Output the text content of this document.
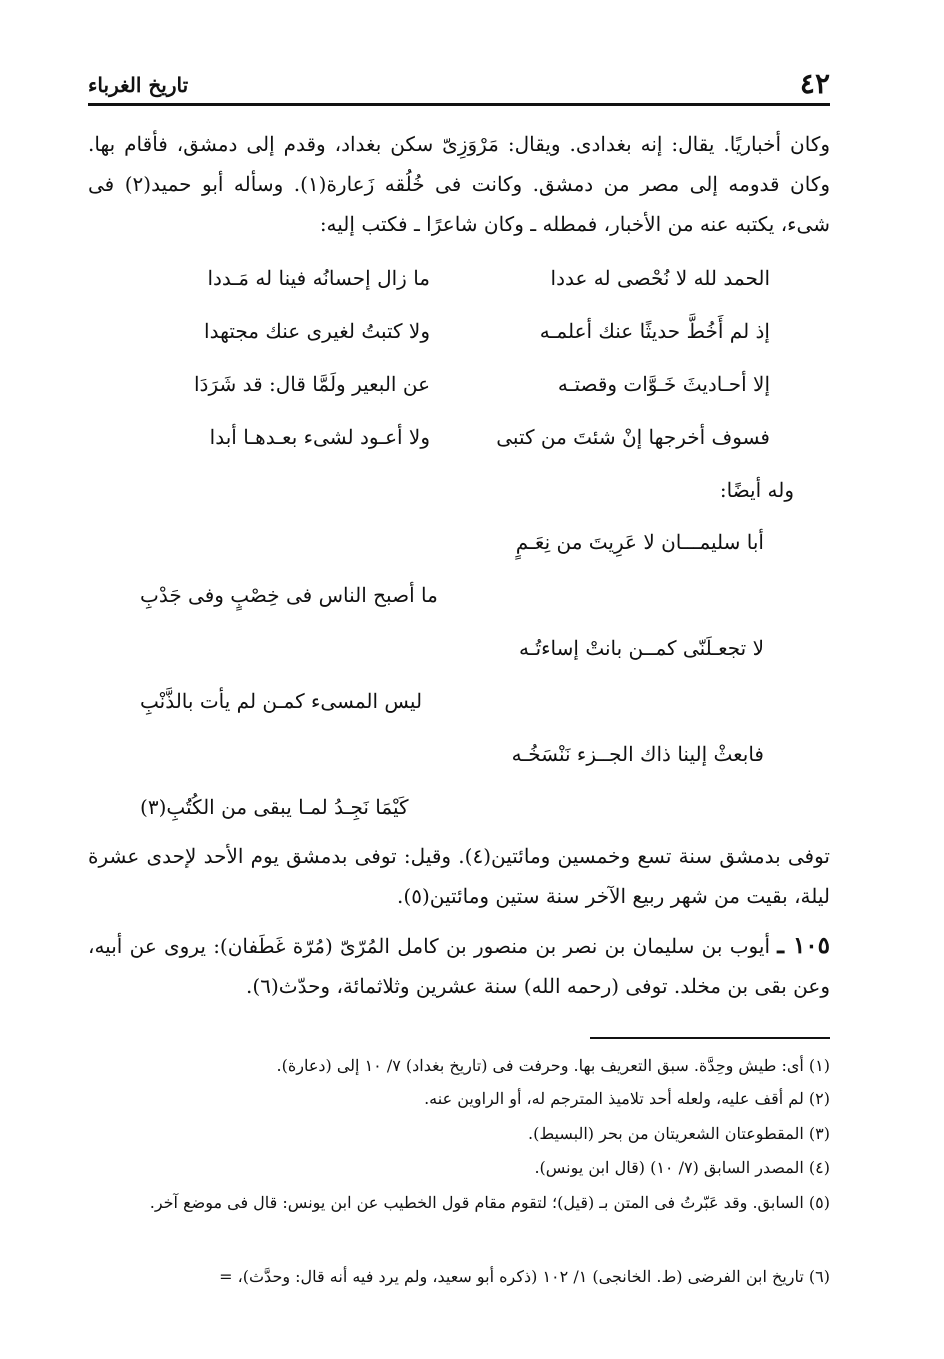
٤٢
تاريخ الغرباء

وكان أخباريًا. يقال: إنه بغدادى. ويقال: مَرْوَزِىّ سكن بغداد، وقدم إلى دمشق، فأقام بها. وكان قدومه إلى مصر من دمشق. وكانت فى خُلُقه زَعارة(١). وسأله أبو حميد(٢) فى شىء، يكتبه عنه من الأخبار، فمطله ـ وكان شاعرًا ـ فكتب إليه:

الحمد لله لا نُحْصى له عددا
ما زال إحسانُه فينا له مَـددا
إذ لم أَخُطَّ حديثًا عنك أعلمـه
ولا كتبتُ لغيرى عنك مجتهدا
إلا أحـاديثَ خَـوَّات وقصتـه
عن البعير ولَمَّا قال: قد شَرَدَا
فسوف أخرجها إنْ شئتَ من كتبى
ولا أعـود لشىء بعـدهـا أبدا
وله أيضًا:
أبا سليمـــان لا عَرِيتَ من نِعَـمٍ
ما أصبح الناس فى خِصْبٍ وفى جَدْبِ
لا تجعـلَنّى كمــن بانتْ إساءتُـه
ليس المسىء كمـن لم يأت بالذَّنْبِ
فابعثْ إلينا ذاك الجــزء نَنْسَخُـه
كَيْمَا نَجِـدُ لمـا يبقى من الكُتُبِ(٣)

توفى بدمشق سنة تسع وخمسين ومائتين(٤). وقيل: توفى بدمشق يوم الأحد لإحدى عشرة ليلة، بقيت من شهر ربيع الآخر سنة ستين ومائتين(٥).

١٠٥ ـ أيوب بن سليمان بن نصر بن منصور بن كامل المُرّىّ (مُرّة غَطَفان): يروى عن أبيه، وعن بقى بن مخلد. توفى (رحمه الله) سنة عشرين وثلاثمائة، وحدّث(٦).

(١) أى: طيش وحِدَّة. سبق التعريف بها. وحرفت فى (تاريخ بغداد) ٧/ ١٠ إلى (دعارة).

(٢) لم أقف عليه، ولعله أحد تلاميذ المترجم له، أو الراوين عنه.

(٣) المقطوعتان الشعريتان من بحر (البسيط).

(٤) المصدر السابق (٧/ ١٠) (قال ابن يونس).

(٥) السابق. وقد عَبّرتُ فى المتن بـ (قيل)؛ لتقوم مقام قول الخطيب عن ابن يونس: قال فى موضع آخر.

(٦) تاريخ ابن الفرضى (ط. الخانجى) ١/ ١٠٢ (ذكره أبو سعيد، ولم يرد فيه أنه قال: وحدَّث)، =
